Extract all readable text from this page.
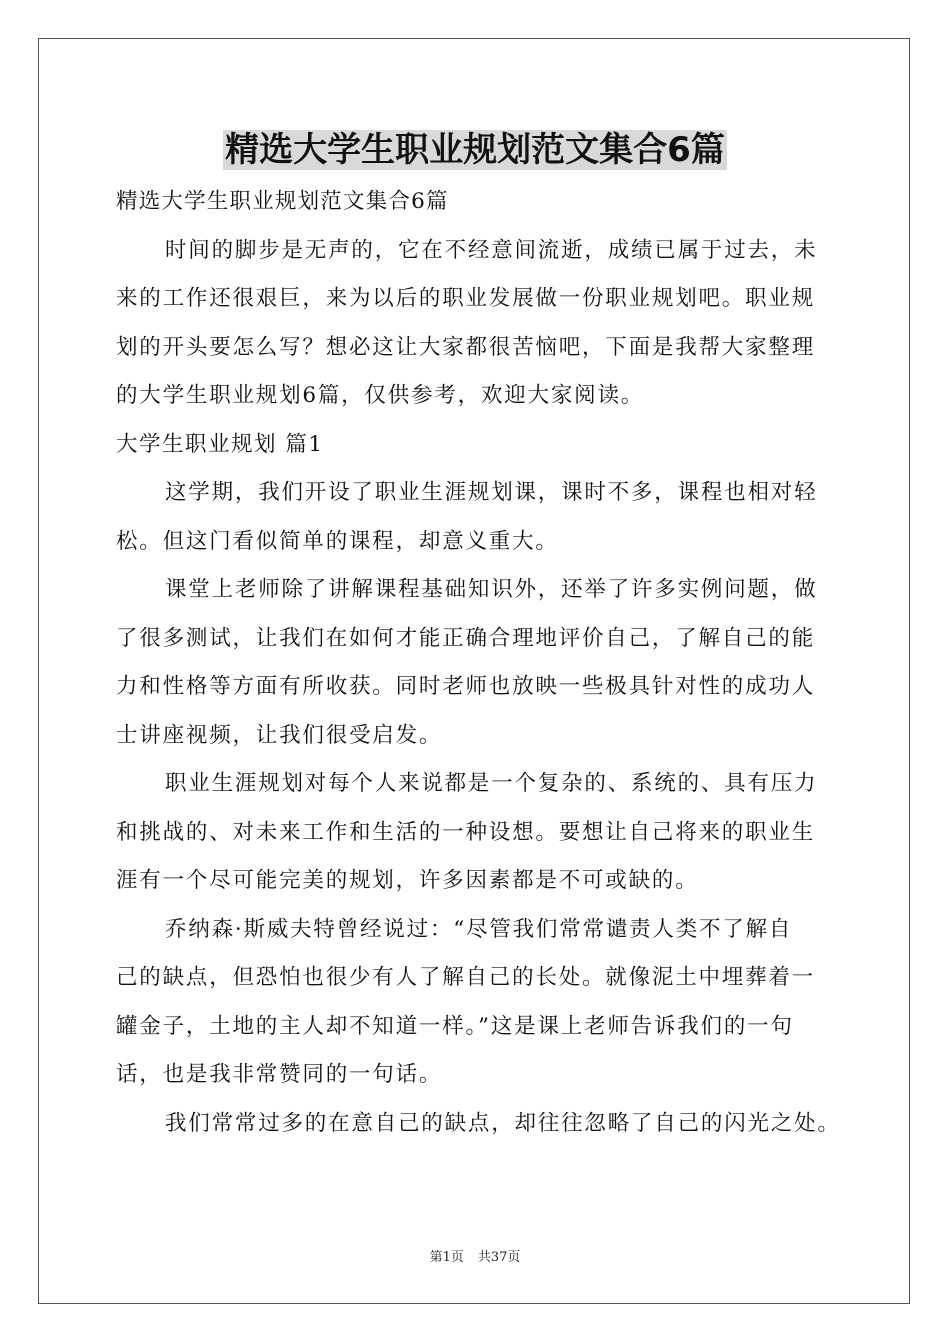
精选大学生职业规划范文集合6篇
精选大学生职业规划范文集合6篇
时间的脚步是无声的，它在不经意间流逝，成绩已属于过去，未
来的工作还很艰巨，来为以后的职业发展做一份职业规划吧。职业规
划的开头要怎么写？想必这让大家都很苦恼吧，下面是我帮大家整理
的大学生职业规划6篇，仅供参考，欢迎大家阅读。
大学生职业规划 篇1
这学期，我们开设了职业生涯规划课，课时不多，课程也相对轻
松。但这门看似简单的课程，却意义重大。
课堂上老师除了讲解课程基础知识外，还举了许多实例问题，做
了很多测试，让我们在如何才能正确合理地评价自己，了解自己的能
力和性格等方面有所收获。同时老师也放映一些极具针对性的成功人
士讲座视频，让我们很受启发。
职业生涯规划对每个人来说都是一个复杂的、系统的、具有压力
和挑战的、对未来工作和生活的一种设想。要想让自己将来的职业生
涯有一个尽可能完美的规划，许多因素都是不可或缺的。
乔纳森·斯威夫特曾经说过：“尽管我们常常谴责人类不了解自
己的缺点，但恐怕也很少有人了解自己的长处。就像泥土中埋葬着一
罐金子，土地的主人却不知道一样。”这是课上老师告诉我们的一句
话，也是我非常赞同的一句话。
我们常常过多的在意自己的缺点，却往往忽略了自己的闪光之处。
第1页 共37页
